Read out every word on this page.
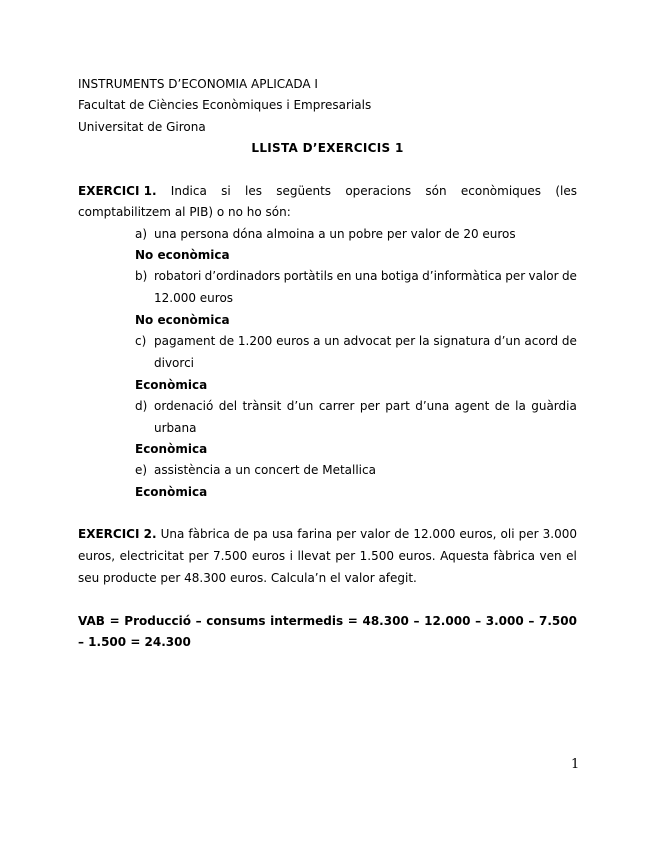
INSTRUMENTS D’ECONOMIA APLICADA I
Facultat de Ciències Econòmiques i Empresarials
Universitat de Girona
LLISTA D’EXERCICIS 1
EXERCICI 1. Indica si les següents operacions són econòmiques (les
comptabilitzem al PIB) o no ho són:
a) una persona dóna almoina a un pobre per valor de 20 euros
No econòmica
b) robatori d’ordinadors portàtils en una botiga d’informàtica per valor de
12.000 euros
No econòmica
c) pagament de 1.200 euros a un advocat per la signatura d’un acord de
divorci
Econòmica
d) ordenació del trànsit d’un carrer per part d’una agent de la guàrdia
urbana
Econòmica
e) assistència a un concert de Metallica
Econòmica
EXERCICI 2. Una fàbrica de pa usa farina per valor de 12.000 euros, oli per 3.000
euros, electricitat per 7.500 euros i llevat per 1.500 euros. Aquesta fàbrica ven el
seu producte per 48.300 euros. Calcula’n el valor afegit.
VAB = Producció – consums intermedis = 48.300 – 12.000 – 3.000 – 7.500
– 1.500 = 24.300
1
